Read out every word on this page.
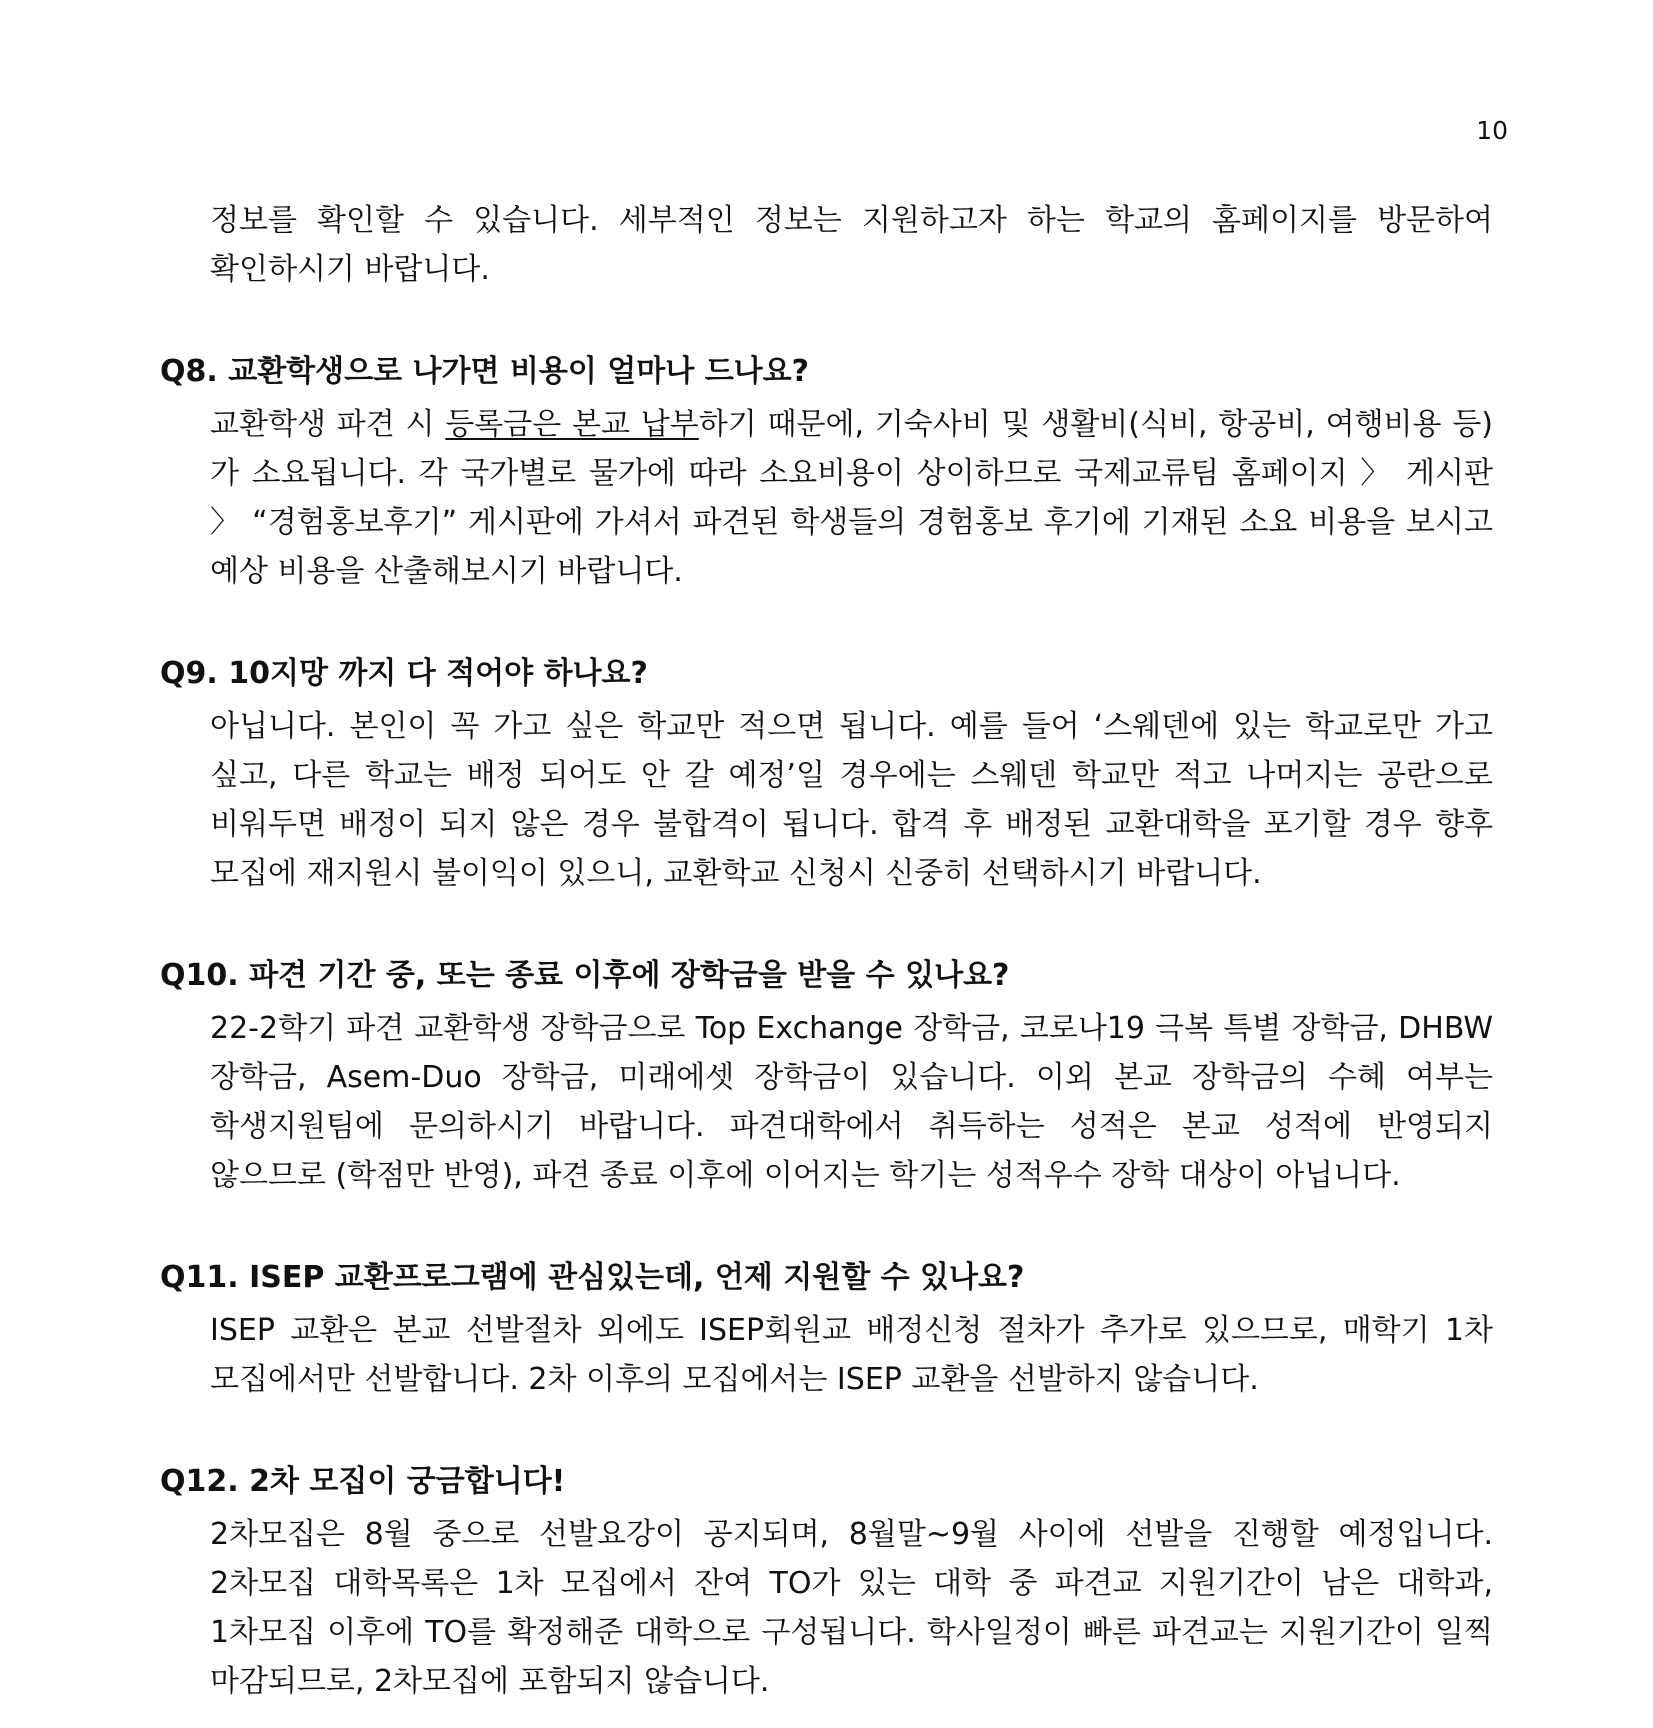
10

정보를 확인할 수 있습니다. 세부적인 정보는 지원하고자 하는 학교의 홈페이지를 방문하여 확인하시기 바랍니다.

Q8. 교환학생으로 나가면 비용이 얼마나 드나요?

교환학생 파견 시 등록금은 본교 납부하기 때문에, 기숙사비 및 생활비(식비, 항공비, 여행비용 등)가 소요됩니다. 각 국가별로 물가에 따라 소요비용이 상이하므로 국제교류팀 홈페이지 〉 게시판 〉 “경험홍보후기” 게시판에 가셔서 파견된 학생들의 경험홍보 후기에 기재된 소요 비용을 보시고 예상 비용을 산출해보시기 바랍니다.

Q9. 10지망 까지 다 적어야 하나요?

아닙니다. 본인이 꼭 가고 싶은 학교만 적으면 됩니다. 예를 들어 ‘스웨덴에 있는 학교로만 가고 싶고, 다른 학교는 배정 되어도 안 갈 예정’일 경우에는 스웨덴 학교만 적고 나머지는 공란으로 비워두면 배정이 되지 않은 경우 불합격이 됩니다. 합격 후 배정된 교환대학을 포기할 경우 향후 모집에 재지원시 불이익이 있으니, 교환학교 신청시 신중히 선택하시기 바랍니다.

Q10. 파견 기간 중, 또는 종료 이후에 장학금을 받을 수 있나요?

22-2학기 파견 교환학생 장학금으로 Top Exchange 장학금, 코로나19 극복 특별 장학금, DHBW 장학금, Asem-Duo 장학금, 미래에셋 장학금이 있습니다. 이외 본교 장학금의 수혜 여부는 학생지원팀에 문의하시기 바랍니다. 파견대학에서 취득하는 성적은 본교 성적에 반영되지 않으므로 (학점만 반영), 파견 종료 이후에 이어지는 학기는 성적우수 장학 대상이 아닙니다.

Q11. ISEP 교환프로그램에 관심있는데, 언제 지원할 수 있나요?

ISEP 교환은 본교 선발절차 외에도 ISEP회원교 배정신청 절차가 추가로 있으므로, 매학기 1차 모집에서만 선발합니다. 2차 이후의 모집에서는 ISEP 교환을 선발하지 않습니다.

Q12. 2차 모집이 궁금합니다!

2차모집은 8월 중으로 선발요강이 공지되며, 8월말~9월 사이에 선발을 진행할 예정입니다. 2차모집 대학목록은 1차 모집에서 잔여 TO가 있는 대학 중 파견교 지원기간이 남은 대학과, 1차모집 이후에 TO를 확정해준 대학으로 구성됩니다. 학사일정이 빠른 파견교는 지원기간이 일찍 마감되므로, 2차모집에 포함되지 않습니다.
